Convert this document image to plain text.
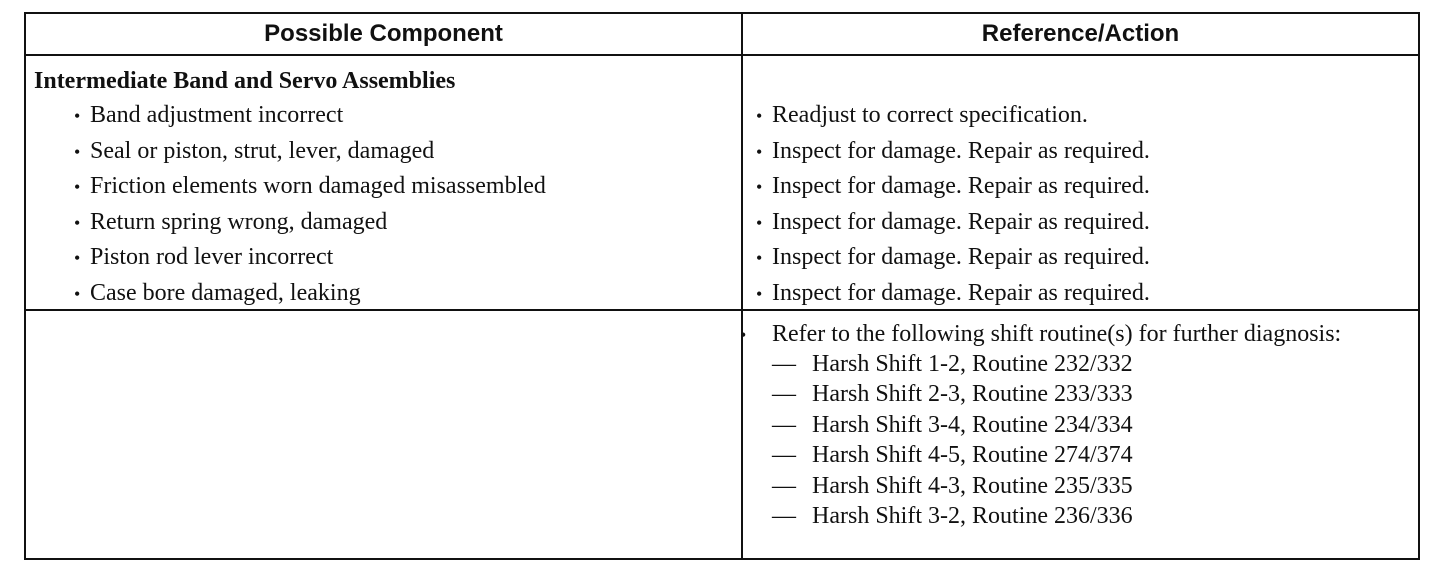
Possible Component	Reference/Action
Intermediate Band and Servo Assemblies
• Band adjustment incorrect
• Seal or piston, strut, lever, damaged
• Friction elements worn damaged misassembled
• Return spring wrong, damaged
• Piston rod lever incorrect
• Case bore damaged, leaking
• Readjust to correct specification.
• Inspect for damage. Repair as required.
• Inspect for damage. Repair as required.
• Inspect for damage. Repair as required.
• Inspect for damage. Repair as required.
• Inspect for damage. Repair as required.
• Refer to the following shift routine(s) for further diagnosis:
— Harsh Shift 1-2, Routine 232/332
— Harsh Shift 2-3, Routine 233/333
— Harsh Shift 3-4, Routine 234/334
— Harsh Shift 4-5, Routine 274/374
— Harsh Shift 4-3, Routine 235/335
— Harsh Shift 3-2, Routine 236/336
